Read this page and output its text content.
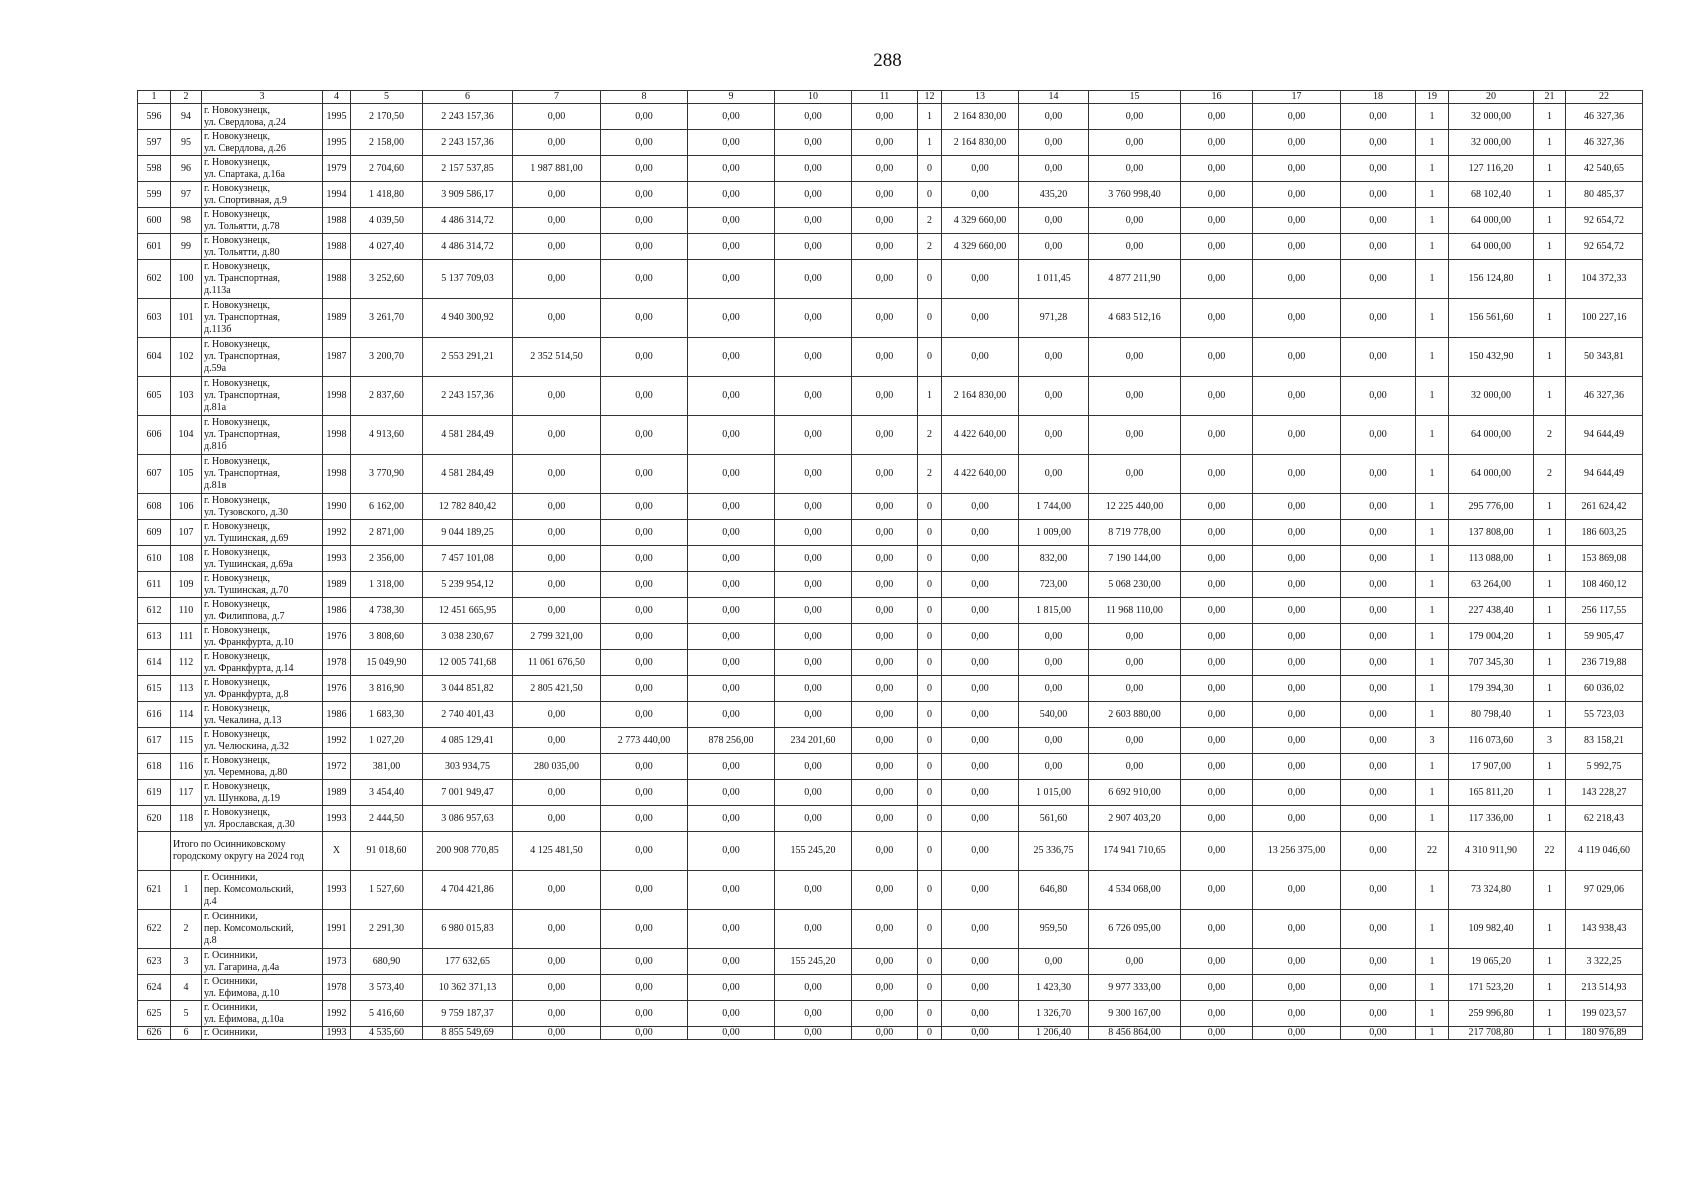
288
1	2	3	4	5	6	7	8	9	10	11	12	13	14	15	16	17	18	19	20	21	22
596	94	г. Новокузнецк,
ул. Свердлова, д.24	1995	2 170,50	2 243 157,36	0,00	0,00	0,00	0,00	0,00	1	2 164 830,00	0,00	0,00	0,00	0,00	0,00	1	32 000,00	1	46 327,36
597	95	г. Новокузнецк,
ул. Свердлова, д.26	1995	2 158,00	2 243 157,36	0,00	0,00	0,00	0,00	0,00	1	2 164 830,00	0,00	0,00	0,00	0,00	0,00	1	32 000,00	1	46 327,36
598	96	г. Новокузнецк,
ул. Спартака, д.16а	1979	2 704,60	2 157 537,85	1 987 881,00	0,00	0,00	0,00	0,00	0	0,00	0,00	0,00	0,00	0,00	0,00	1	127 116,20	1	42 540,65
599	97	г. Новокузнецк,
ул. Спортивная, д.9	1994	1 418,80	3 909 586,17	0,00	0,00	0,00	0,00	0,00	0	0,00	435,20	3 760 998,40	0,00	0,00	0,00	1	68 102,40	1	80 485,37
600	98	г. Новокузнецк,
ул. Тольятти, д.78	1988	4 039,50	4 486 314,72	0,00	0,00	0,00	0,00	0,00	2	4 329 660,00	0,00	0,00	0,00	0,00	0,00	1	64 000,00	1	92 654,72
601	99	г. Новокузнецк,
ул. Тольятти, д.80	1988	4 027,40	4 486 314,72	0,00	0,00	0,00	0,00	0,00	2	4 329 660,00	0,00	0,00	0,00	0,00	0,00	1	64 000,00	1	92 654,72
602	100	г. Новокузнецк,
ул. Транспортная,
д.113а	1988	3 252,60	5 137 709,03	0,00	0,00	0,00	0,00	0,00	0	0,00	1 011,45	4 877 211,90	0,00	0,00	0,00	1	156 124,80	1	104 372,33
603	101	г. Новокузнецк,
ул. Транспортная,
д.113б	1989	3 261,70	4 940 300,92	0,00	0,00	0,00	0,00	0,00	0	0,00	971,28	4 683 512,16	0,00	0,00	0,00	1	156 561,60	1	100 227,16
604	102	г. Новокузнецк,
ул. Транспортная,
д.59а	1987	3 200,70	2 553 291,21	2 352 514,50	0,00	0,00	0,00	0,00	0	0,00	0,00	0,00	0,00	0,00	0,00	1	150 432,90	1	50 343,81
605	103	г. Новокузнецк,
ул. Транспортная,
д.81а	1998	2 837,60	2 243 157,36	0,00	0,00	0,00	0,00	0,00	1	2 164 830,00	0,00	0,00	0,00	0,00	0,00	1	32 000,00	1	46 327,36
606	104	г. Новокузнецк,
ул. Транспортная,
д.81б	1998	4 913,60	4 581 284,49	0,00	0,00	0,00	0,00	0,00	2	4 422 640,00	0,00	0,00	0,00	0,00	0,00	1	64 000,00	2	94 644,49
607	105	г. Новокузнецк,
ул. Транспортная,
д.81в	1998	3 770,90	4 581 284,49	0,00	0,00	0,00	0,00	0,00	2	4 422 640,00	0,00	0,00	0,00	0,00	0,00	1	64 000,00	2	94 644,49
608	106	г. Новокузнецк,
ул. Тузовского, д.30	1990	6 162,00	12 782 840,42	0,00	0,00	0,00	0,00	0,00	0	0,00	1 744,00	12 225 440,00	0,00	0,00	0,00	1	295 776,00	1	261 624,42
609	107	г. Новокузнецк,
ул. Тушинская, д.69	1992	2 871,00	9 044 189,25	0,00	0,00	0,00	0,00	0,00	0	0,00	1 009,00	8 719 778,00	0,00	0,00	0,00	1	137 808,00	1	186 603,25
610	108	г. Новокузнецк,
ул. Тушинская, д.69а	1993	2 356,00	7 457 101,08	0,00	0,00	0,00	0,00	0,00	0	0,00	832,00	7 190 144,00	0,00	0,00	0,00	1	113 088,00	1	153 869,08
611	109	г. Новокузнецк,
ул. Тушинская, д.70	1989	1 318,00	5 239 954,12	0,00	0,00	0,00	0,00	0,00	0	0,00	723,00	5 068 230,00	0,00	0,00	0,00	1	63 264,00	1	108 460,12
612	110	г. Новокузнецк,
ул. Филиппова, д.7	1986	4 738,30	12 451 665,95	0,00	0,00	0,00	0,00	0,00	0	0,00	1 815,00	11 968 110,00	0,00	0,00	0,00	1	227 438,40	1	256 117,55
613	111	г. Новокузнецк,
ул. Франкфурта, д.10	1976	3 808,60	3 038 230,67	2 799 321,00	0,00	0,00	0,00	0,00	0	0,00	0,00	0,00	0,00	0,00	0,00	1	179 004,20	1	59 905,47
614	112	г. Новокузнецк,
ул. Франкфурта, д.14	1978	15 049,90	12 005 741,68	11 061 676,50	0,00	0,00	0,00	0,00	0	0,00	0,00	0,00	0,00	0,00	0,00	1	707 345,30	1	236 719,88
615	113	г. Новокузнецк,
ул. Франкфурта, д.8	1976	3 816,90	3 044 851,82	2 805 421,50	0,00	0,00	0,00	0,00	0	0,00	0,00	0,00	0,00	0,00	0,00	1	179 394,30	1	60 036,02
616	114	г. Новокузнецк,
ул. Чекалина, д.13	1986	1 683,30	2 740 401,43	0,00	0,00	0,00	0,00	0,00	0	0,00	540,00	2 603 880,00	0,00	0,00	0,00	1	80 798,40	1	55 723,03
617	115	г. Новокузнецк,
ул. Челюскина, д.32	1992	1 027,20	4 085 129,41	0,00	2 773 440,00	878 256,00	234 201,60	0,00	0	0,00	0,00	0,00	0,00	0,00	0,00	3	116 073,60	3	83 158,21
618	116	г. Новокузнецк,
ул. Черемнова, д.80	1972	381,00	303 934,75	280 035,00	0,00	0,00	0,00	0,00	0	0,00	0,00	0,00	0,00	0,00	0,00	1	17 907,00	1	5 992,75
619	117	г. Новокузнецк,
ул. Шункова, д.19	1989	3 454,40	7 001 949,47	0,00	0,00	0,00	0,00	0,00	0	0,00	1 015,00	6 692 910,00	0,00	0,00	0,00	1	165 811,20	1	143 228,27
620	118	г. Новокузнецк,
ул. Ярославская, д.30	1993	2 444,50	3 086 957,63	0,00	0,00	0,00	0,00	0,00	0	0,00	561,60	2 907 403,20	0,00	0,00	0,00	1	117 336,00	1	62 218,43
	Итого по Осинниковскому городскому округу на 2024 год		X	91 018,60	200 908 770,85	4 125 481,50	0,00	0,00	155 245,20	0,00	0	0,00	25 336,75	174 941 710,65	0,00	13 256 375,00	0,00	22	4 310 911,90	22	4 119 046,60
621	1	г. Осинники,
пер. Комсомольский,
д.4	1993	1 527,60	4 704 421,86	0,00	0,00	0,00	0,00	0,00	0	0,00	646,80	4 534 068,00	0,00	0,00	0,00	1	73 324,80	1	97 029,06
622	2	г. Осинники,
пер. Комсомольский,
д.8	1991	2 291,30	6 980 015,83	0,00	0,00	0,00	0,00	0,00	0	0,00	959,50	6 726 095,00	0,00	0,00	0,00	1	109 982,40	1	143 938,43
623	3	г. Осинники,
ул. Гагарина, д.4а	1973	680,90	177 632,65	0,00	0,00	0,00	155 245,20	0,00	0	0,00	0,00	0,00	0,00	0,00	0,00	1	19 065,20	1	3 322,25
624	4	г. Осинники,
ул. Ефимова, д.10	1978	3 573,40	10 362 371,13	0,00	0,00	0,00	0,00	0,00	0	0,00	1 423,30	9 977 333,00	0,00	0,00	0,00	1	171 523,20	1	213 514,93
625	5	г. Осинники,
ул. Ефимова, д.10а	1992	5 416,60	9 759 187,37	0,00	0,00	0,00	0,00	0,00	0	0,00	1 326,70	9 300 167,00	0,00	0,00	0,00	1	259 996,80	1	199 023,57
626	6	г. Осинники,	1993	4 535,60	8 855 549,69	0,00	0,00	0,00	0,00	0,00	0	0,00	1 206,40	8 456 864,00	0,00	0,00	0,00	1	217 708,80	1	180 976,89
